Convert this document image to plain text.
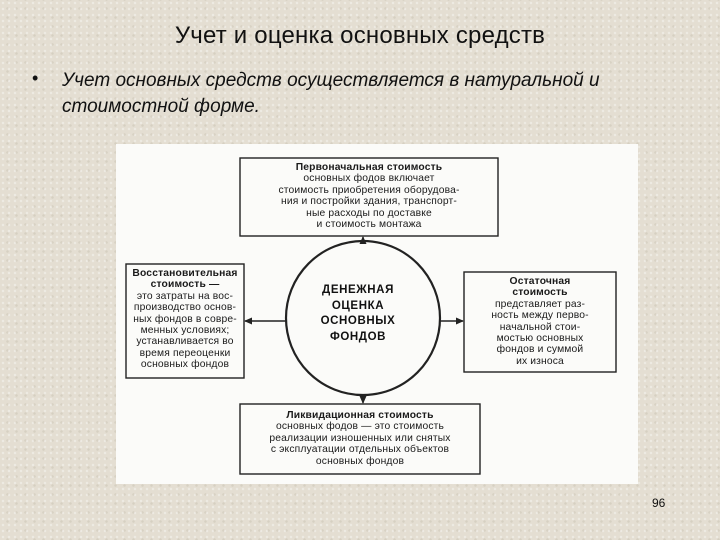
Учет и оценка основных средств
• Учет основных средств осуществляется в натуральной и стоимостной форме.
Первоначальная стоимость
основных фодов включает
стоимость приобретения оборудова-
ния и постройки здания, транспорт-
ные расходы по доставке
и стоимость монтажа
Восстановительная
стоимость —
это затраты на вос-
производство основ-
ных фондов в совре-
менных условиях;
устанавливается во
время переоценки
основных фондов
Остаточная
стоимость
представляет раз-
ность между перво-
начальной стои-
мостью основных
фондов и суммой
их износа
Ликвидационная стоимость
основных фодов — это стоимость
реализации изношенных или снятых
с эксплуатации отдельных объектов
основных фондов
ДЕНЕЖНАЯ
ОЦЕНКА
ОСНОВНЫХ
ФОНДОВ
96
